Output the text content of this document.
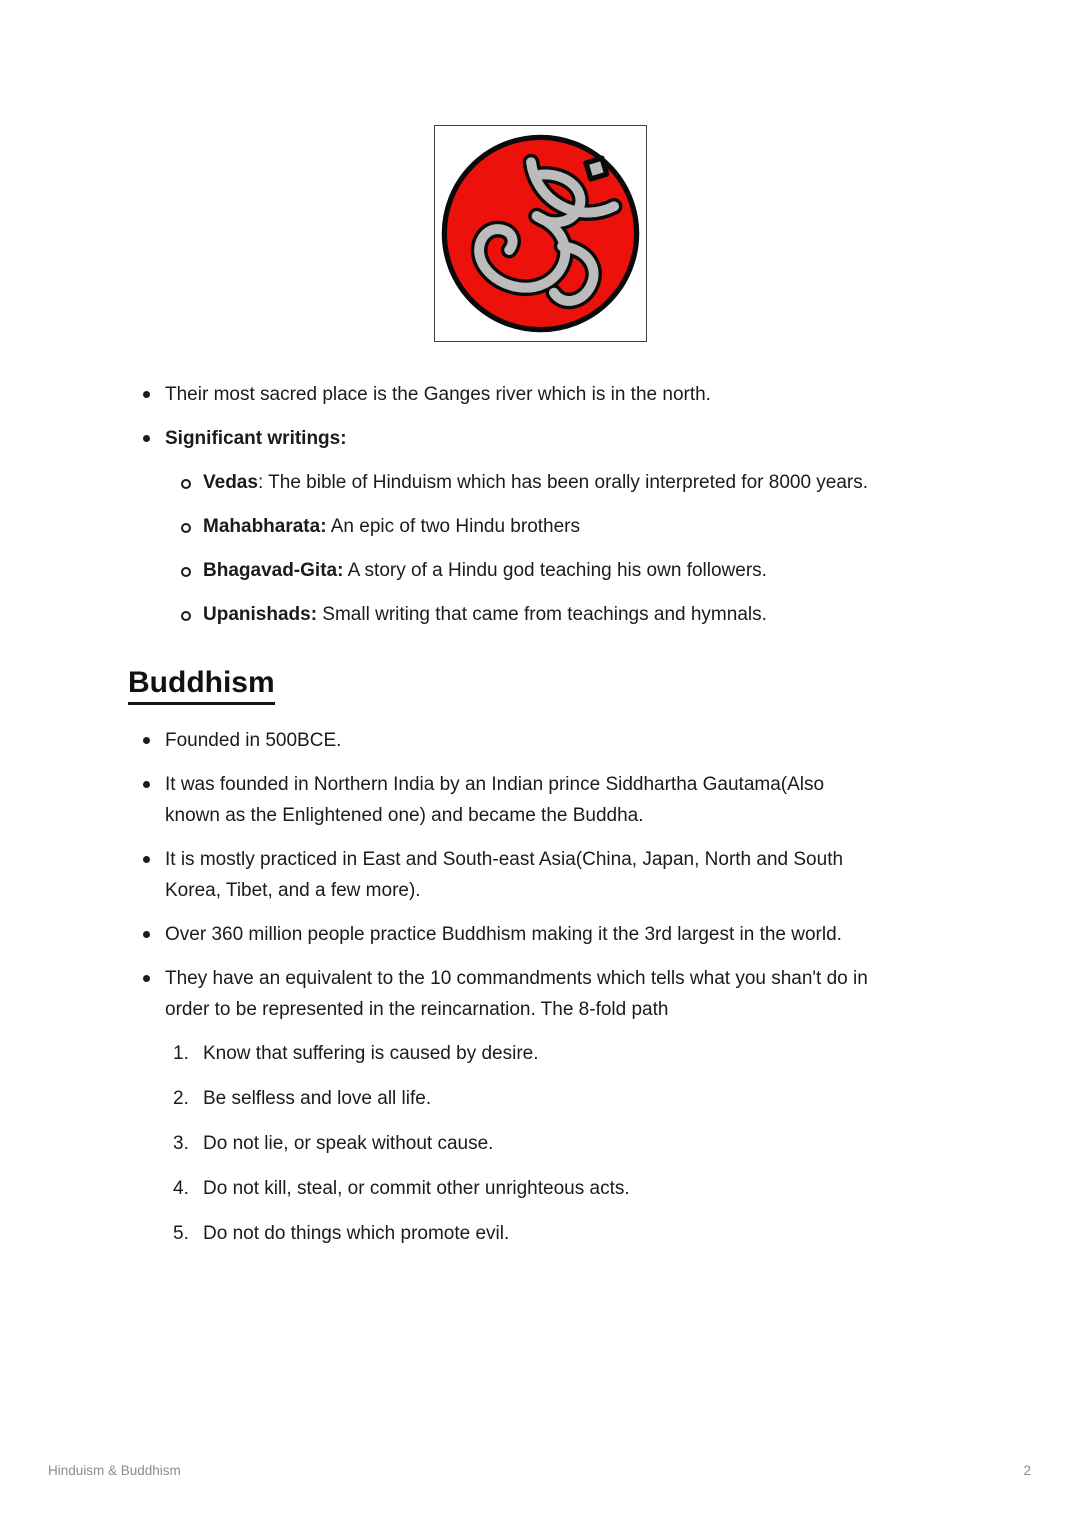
Their most sacred place is the Ganges river which is in the north.
Significant writings:
Vedas: The bible of Hinduism which has been orally interpreted for 8000 years.
Mahabharata: An epic of two Hindu brothers
Bhagavad-Gita: A story of a Hindu god teaching his own followers.
Upanishads: Small writing that came from teachings and hymnals.
Buddhism
Founded in 500BCE.
It was founded in Northern India by an Indian prince Siddhartha Gautama(Also
known as the Enlightened one) and became the Buddha.
It is mostly practiced in East and South-east Asia(China, Japan, North and South
Korea, Tibet, and a few more).
Over 360 million people practice Buddhism making it the 3rd largest in the world.
They have an equivalent to the 10 commandments which tells what you shan't do in
order to be represented in the reincarnation. The 8-fold path
1. Know that suffering is caused by desire.
2. Be selfless and love all life.
3. Do not lie, or speak without cause.
4. Do not kill, steal, or commit other unrighteous acts.
5. Do not do things which promote evil.
Hinduism & Buddhism	2
